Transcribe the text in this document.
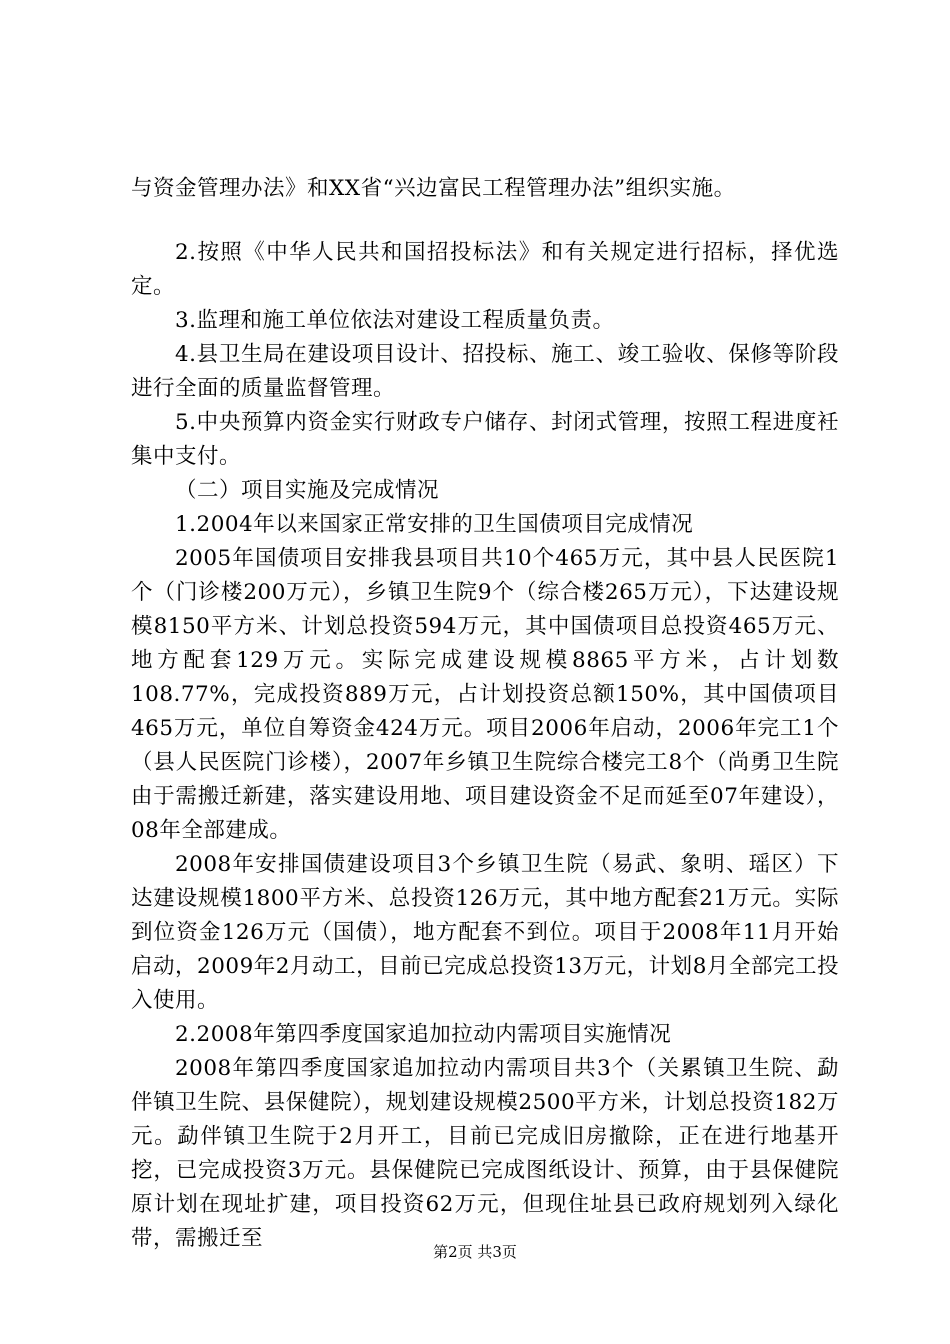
与资金管理办法》和XX省“兴边富民工程管理办法”组织实施。

2.按照《中华人民共和国招投标法》和有关规定进行招标，择优选定。

3.监理和施工单位依法对建设工程质量负责。

4.县卫生局在建设项目设计、招投标、施工、竣工验收、保修等阶段进行全面的质量监督管理。

5.中央预算内资金实行财政专户储存、封闭式管理，按照工程进度衽集中支付。

（二）项目实施及完成情况

1.2004年以来国家正常安排的卫生国债项目完成情况

2005年国债项目安排我县项目共10个465万元，其中县人民医院1个（门诊楼200万元），乡镇卫生院9个（综合楼265万元），下达建设规模8150平方米、计划总投资594万元，其中国债项目总投资465万元、地方配套129万元。实际完成建设规模8865平方米，占计划数108.77%，完成投资889万元，占计划投资总额150%，其中国债项目465万元，单位自筹资金424万元。项目2006年启动，2006年完工1个（县人民医院门诊楼），2007年乡镇卫生院综合楼完工8个（尚勇卫生院由于需搬迁新建，落实建设用地、项目建设资金不足而延至07年建设），08年全部建成。

2008年安排国债建设项目3个乡镇卫生院（易武、象明、瑶区）下达建设规模1800平方米、总投资126万元，其中地方配套21万元。实际到位资金126万元（国债），地方配套不到位。项目于2008年11月开始启动，2009年2月动工，目前已完成总投资13万元，计划8月全部完工投入使用。

2.2008年第四季度国家追加拉动内需项目实施情况

2008年第四季度国家追加拉动内需项目共3个（关累镇卫生院、勐伴镇卫生院、县保健院），规划建设规模2500平方米，计划总投资182万元。勐伴镇卫生院于2月开工，目前已完成旧房撤除，正在进行地基开挖，已完成投资3万元。县保健院已完成图纸设计、预算，由于县保健院原计划在现址扩建，项目投资62万元，但现住址县已政府规划列入绿化带，需搬迁至

第2页 共3页
